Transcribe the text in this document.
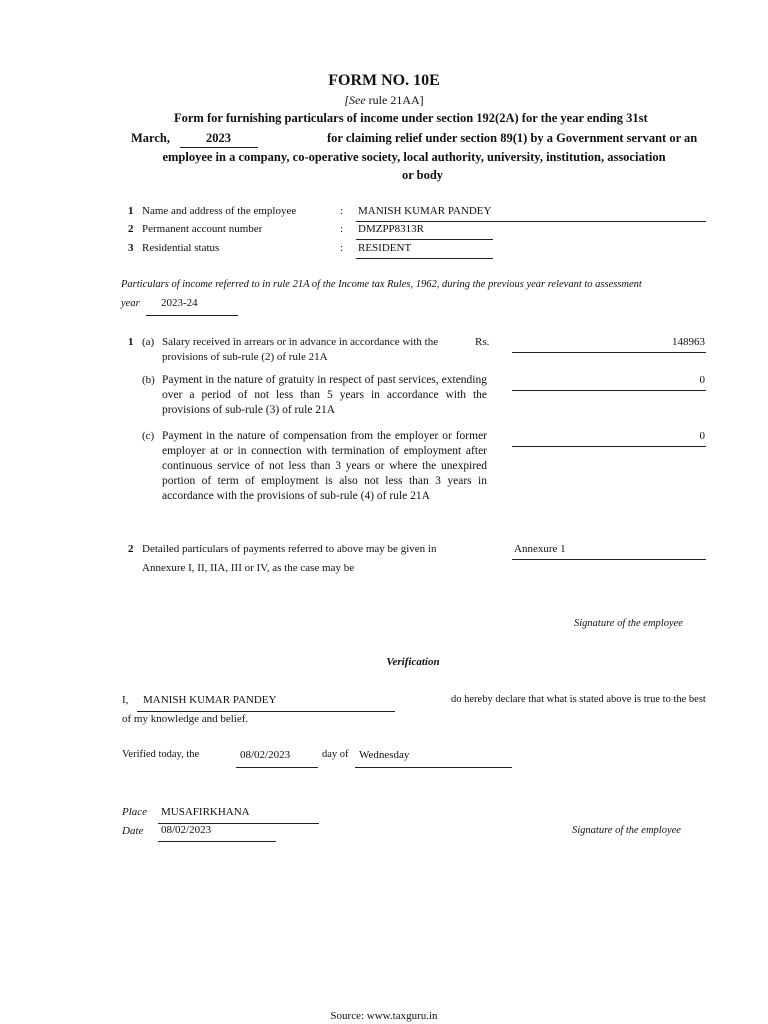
FORM NO. 10E
[See rule 21AA]
Form for furnishing particulars of income under section 192(2A) for the year ending 31st
March,	2023	for claiming relief under section 89(1) by a Government servant or an
employee in a company, co-operative society, local authority, university, institution, association
or body
1 Name and address of the employee	: MANISH KUMAR PANDEY
2 Permanent account number	: DMZPP8313R
3 Residential status	: RESIDENT
Particulars of income referred to in rule 21A of the Income tax Rules, 1962, during the previous year relevant to assessment
year 2023-24
1 (a) Salary received in arrears or in advance in accordance with the	Rs.
provisions of sub-rule (2) of rule 21A
148963
(b) Payment in the nature of gratuity in respect of past services, extending over a period of not less than 5 years in accordance with the provisions of sub-rule (3) of rule 21A
0
(c) Payment in the nature of compensation from the employer or former employer at or in connection with termination of employment after continuous service of not less than 3 years or where the unexpired portion of term of employment is also not less than 3 years in accordance with the provisions of sub-rule (4) of rule 21A
0
2 Detailed particulars of payments referred to above may be given in
Annexure I, II, IIA, III or IV, as the case may be
Annexure 1
Signature of the employee
Verification
I, MANISH KUMAR PANDEY	do hereby declare that what is stated above is true to the best
of my knowledge and belief.
Verified today, the	08/02/2023	day of Wednesday
Place MUSAFIRKHANA
Date 08/02/2023	Signature of the employee
Source: www.taxguru.in
